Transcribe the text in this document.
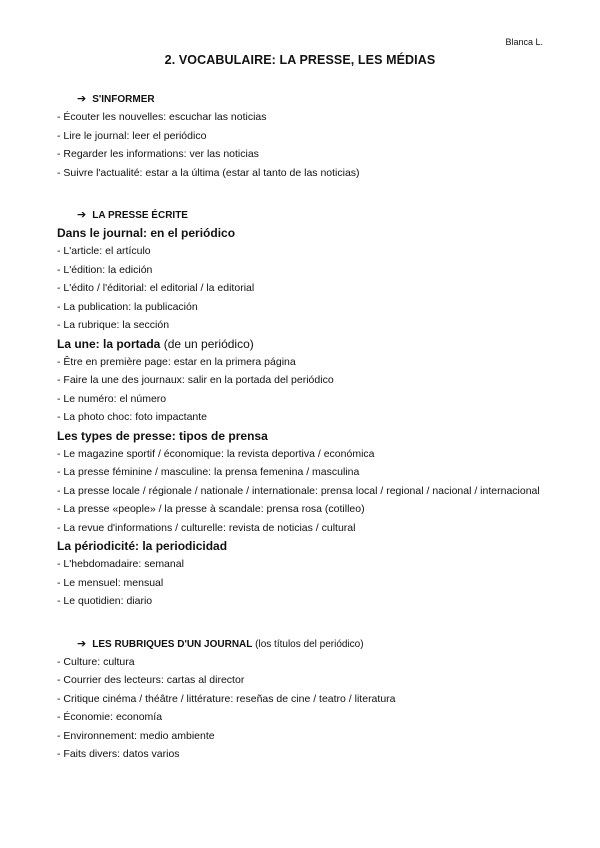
Blanca L.
2. VOCABULAIRE: LA PRESSE, LES MÉDIAS
➔ S'INFORMER
- Écouter les nouvelles: escuchar las noticias
- Lire le journal: leer el periódico
- Regarder les informations: ver las noticias
- Suivre l'actualité: estar a la última (estar al tanto de las noticias)
➔ LA PRESSE ÉCRITE
Dans le journal: en el periódico
- L'article: el artículo
- L'édition: la edición
- L'édito / l'éditorial: el editorial / la editorial
- La publication: la publicación
- La rubrique: la sección
La une: la portada (de un periódico)
- Être en première page: estar en la primera página
- Faire la une des journaux: salir en la portada del periódico
- Le numéro: el número
- La photo choc: foto impactante
Les types de presse: tipos de prensa
- Le magazine sportif / économique: la revista deportiva / económica
- La presse féminine / masculine: la prensa femenina / masculina
- La presse locale / régionale / nationale / internationale: prensa local / regional / nacional / internacional
- La presse «people» / la presse à scandale: prensa rosa (cotilleo)
- La revue d'informations / culturelle: revista de noticias / cultural
La périodicité: la periodicidad
- L'hebdomadaire: semanal
- Le mensuel: mensual
- Le quotidien: diario
➔ LES RUBRIQUES D'UN JOURNAL (los títulos del periódico)
- Culture: cultura
- Courrier des lecteurs: cartas al director
- Critique cinéma / théâtre / littérature: reseñas de cine / teatro / literatura
- Économie: economía
- Environnement: medio ambiente
- Faits divers: datos varios
